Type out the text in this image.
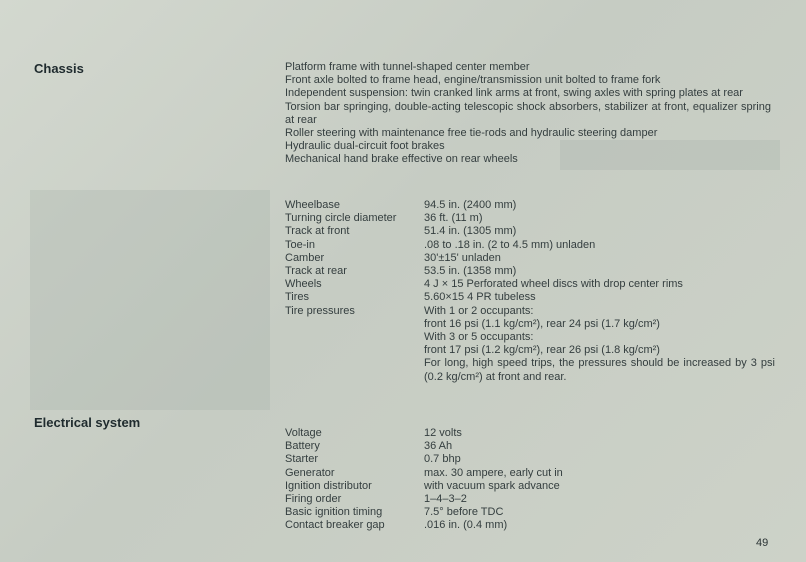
Chassis	Platform frame with tunnel-shaped center member
Front axle bolted to frame head, engine/transmission unit bolted to frame fork
Independent suspension: twin cranked link arms at front, swing axles with spring plates at rear
Torsion bar springing, double-acting telescopic shock absorbers, stabilizer at front, equalizer spring at rear
Roller steering with maintenance free tie-rods and hydraulic steering damper
Hydraulic dual-circuit foot brakes
Mechanical hand brake effective on rear wheels
Wheelbase	94.5 in. (2400 mm)
Turning circle diameter	36 ft. (11 m)
Track at front	51.4 in. (1305 mm)
Toe-in	.08 to .18 in. (2 to 4.5 mm) unladen
Camber	30'±15' unladen
Track at rear	53.5 in. (1358 mm)
Wheels	4 J × 15 Perforated wheel discs with drop center rims
Tires	5.60×15 4 PR tubeless
Tire pressures	With 1 or 2 occupants:
front 16 psi (1.1 kg/cm²), rear 24 psi (1.7 kg/cm²)
With 3 or 5 occupants:
front 17 psi (1.2 kg/cm²), rear 26 psi (1.8 kg/cm²)
For long, high speed trips, the pressures should be increased by 3 psi (0.2 kg/cm²) at front and rear.
Electrical system
Voltage	12 volts
Battery	36 Ah
Starter	0.7 bhp
Generator	max. 30 ampere, early cut in
Ignition distributor	with vacuum spark advance
Firing order	1–4–3–2
Basic ignition timing	7.5° before TDC
Contact breaker gap	.016 in. (0.4 mm)
49
